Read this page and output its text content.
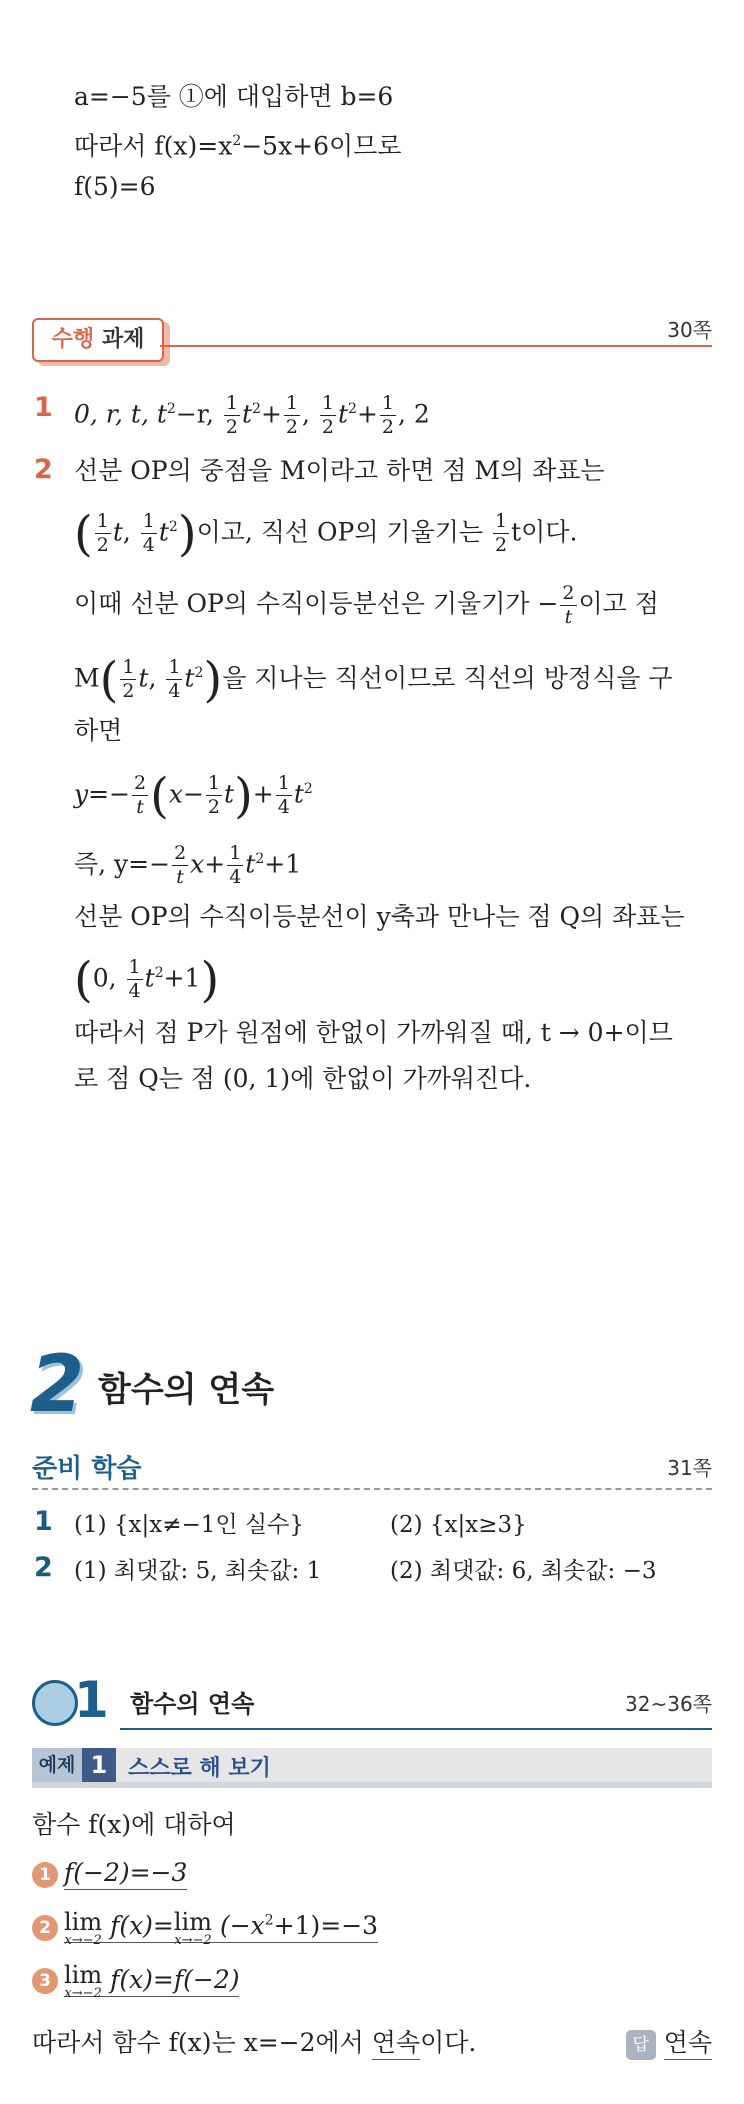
a=−5를 ①에 대입하면 b=6
따라서 $f(x)=x^2-5x+6$이므로
f(5)=6
수행 과제	30쪽
1 0, r, t, $t^2-r$, $\frac{1}{2} t^2+ \frac{1}{2}$ , $\frac{1}{2} t^2+ \frac{1}{2}$ , 2
2 선분 OP의 중점을 M이라고 하면 점 M의 좌표는
( $\frac{1}{2} t$, $\frac{1}{4} t^2$)이고, 직선 OP의 기울기는 $\frac{1}{2}$ t이다.
이때 선분 OP의 수직이등분선은 기울기가 − $\frac{2}{t}$ 이고 점
$M( \frac{1}{2} t$, $\frac{1}{4} t^2$)을 지나는 직선이므로 직선의 방정식을 구
하면
$y=- \frac{2}{t} (x- \frac{1}{2} t)+ \frac{1}{4} t^2$
즉, $y=- \frac{2}{t} x+ \frac{1}{4} t^2+1$
선분 OP의 수직이등분선이 y축과 만나는 점 Q의 좌표는
(0, $\frac{1}{4} t^2+1$)
따라서 점 P가 원점에 한없이 가까워질 때, t → 0+이므
로 점 Q는 점 (0, 1)에 한없이 가까워진다.
2 함수의 연속
준비 학습	31쪽
1 (1) {x|x≠−1인 실수}	(2) {x|x≥3}
2 (1) 최댓값: 5, 최솟값: 1	(2) 최댓값: 6, 최솟값: −3
1 함수의 연속	32~36쪽
예제 1 스스로 해 보기
함수 f(x)에 대하여
1 f(−2)=−3
2 lim
x→−2 f(x)=lim
x→−2 $(-x^2+1)=-3$
3 lim
x→−2 f(x)=f(−2)
따라서 함수 f(x)는 x=−2에서 연속이다.	답 연속
